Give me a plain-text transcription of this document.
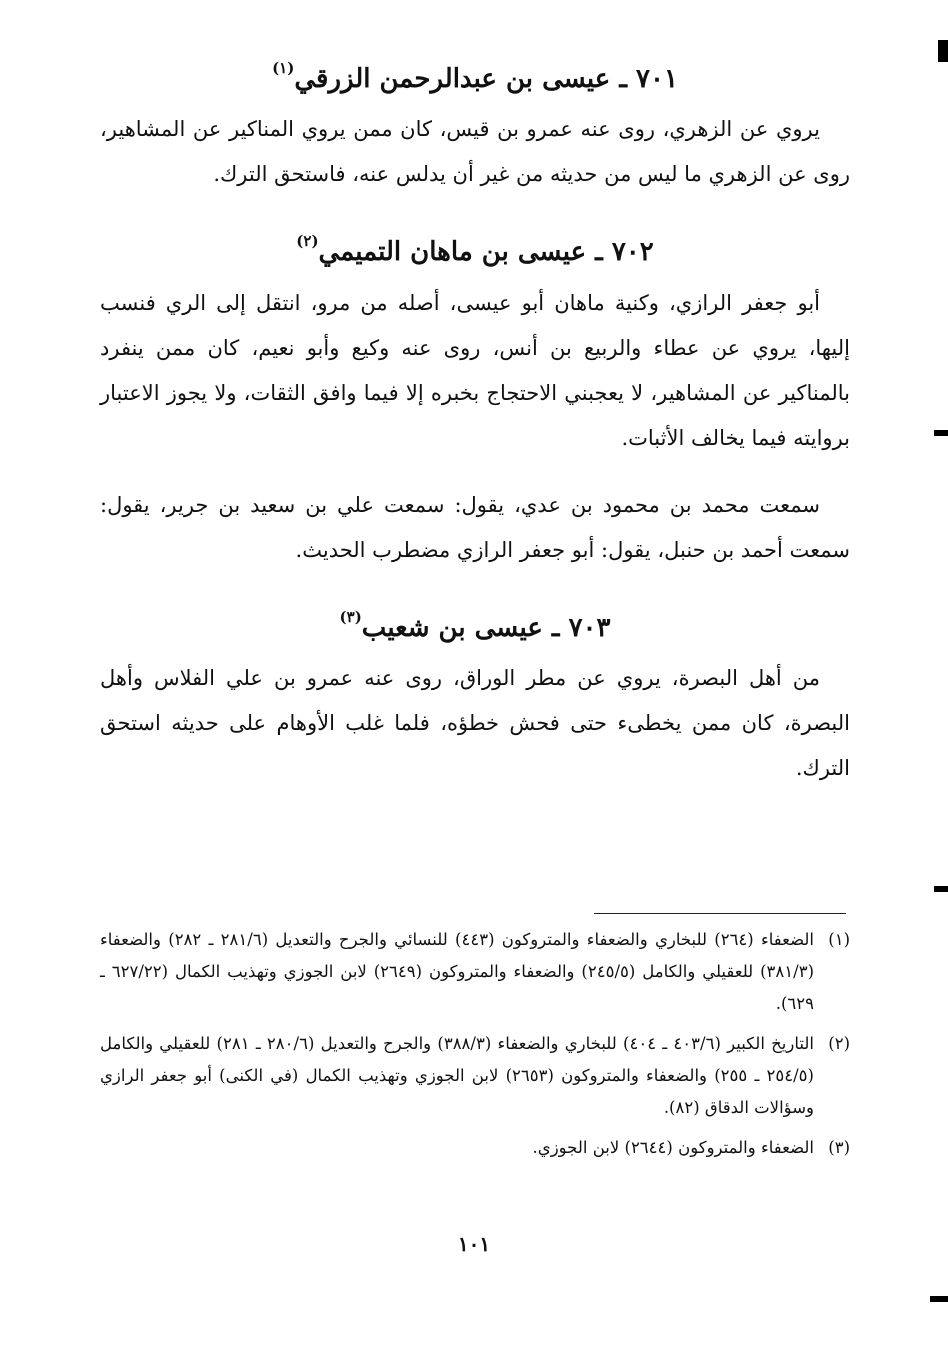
٧٠١ ـ عيسى بن عبدالرحمن الزرقي$^{(١)}$

يروي عن الزهري، روى عنه عمرو بن قيس، كان ممن يروي المناكير عن المشاهير، روى عن الزهري ما ليس من حديثه من غير أن يدلس عنه، فاستحق الترك.

٧٠٢ ـ عيسى بن ماهان التميمي$^{(٢)}$

أبو جعفر الرازي، وكنية ماهان أبو عيسى، أصله من مرو، انتقل إلى الري فنسب إليها، يروي عن عطاء والربيع بن أنس، روى عنه وكيع وأبو نعيم، كان ممن ينفرد بالمناكير عن المشاهير، لا يعجبني الاحتجاج بخبره إلا فيما وافق الثقات، ولا يجوز الاعتبار بروايته فيما يخالف الأثبات.

سمعت محمد بن محمود بن عدي، يقول: سمعت علي بن سعيد بن جرير، يقول: سمعت أحمد بن حنبل، يقول: أبو جعفر الرازي مضطرب الحديث.

٧٠٣ ـ عيسى بن شعيب$^{(٣)}$

من أهل البصرة، يروي عن مطر الوراق، روى عنه عمرو بن علي الفلاس وأهل البصرة، كان ممن يخطىء حتى فحش خطؤه، فلما غلب الأوهام على حديثه استحق الترك.

(١)
الضعفاء (٢٦٤) للبخاري والضعفاء والمتروكون (٤٤٣) للنسائي والجرح والتعديل (٢٨١/٦ ـ ٢٨٢) والضعفاء (٣٨١/٣) للعقيلي والكامل (٢٤٥/٥) والضعفاء والمتروكون (٢٦٤٩) لابن الجوزي وتهذيب الكمال (٦٢٧/٢٢ ـ ٦٢٩).
(٢)
التاريخ الكبير (٤٠٣/٦ ـ ٤٠٤) للبخاري والضعفاء (٣٨٨/٣) والجرح والتعديل (٢٨٠/٦ ـ ٢٨١) للعقيلي والكامل (٢٥٤/٥ ـ ٢٥٥) والضعفاء والمتروكون (٢٦٥٣) لابن الجوزي وتهذيب الكمال (في الكنى) أبو جعفر الرازي وسؤالات الدقاق (٨٢).
(٣)
الضعفاء والمتروكون (٢٦٤٤) لابن الجوزي.
١٠١
